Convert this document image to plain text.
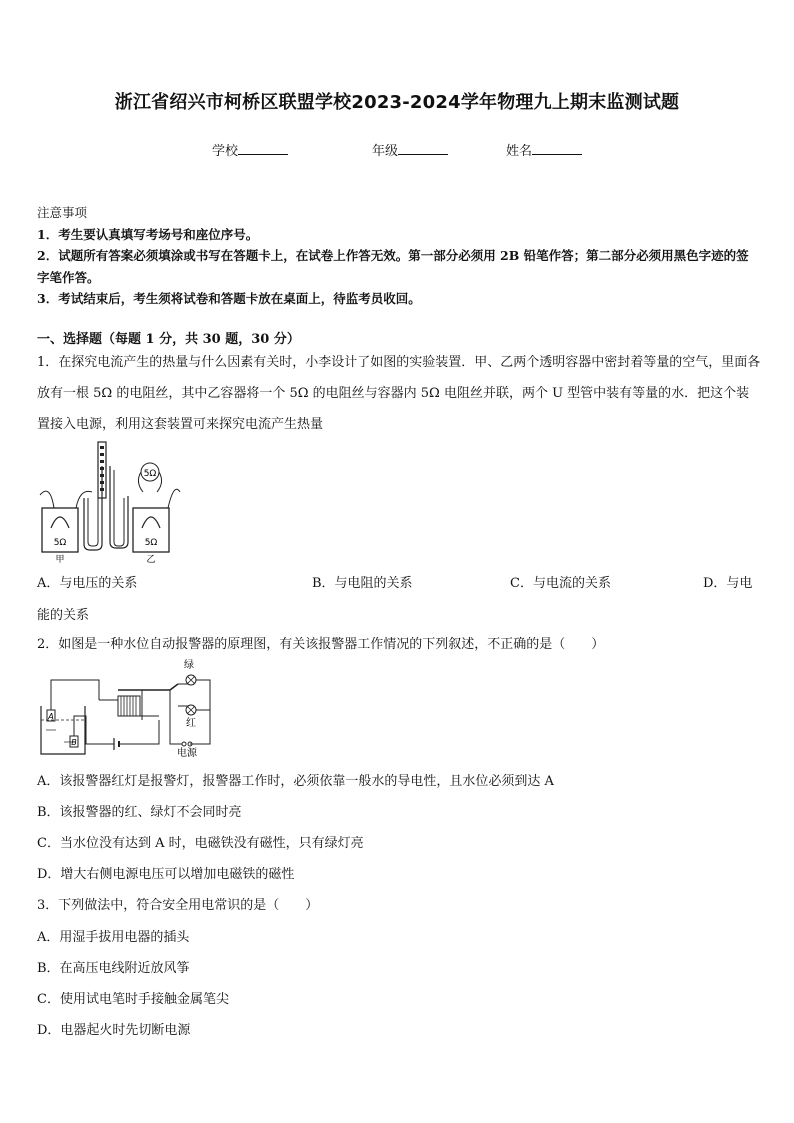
浙江省绍兴市柯桥区联盟学校2023-2024学年物理九上期末监测试题
学校	年级	姓名
注意事项
1．考生要认真填写考场号和座位序号。
2．试题所有答案必须填涂或书写在答题卡上，在试卷上作答无效。第一部分必须用 2B 铅笔作答；第二部分必须用黑色字迹的签字笔作答。
3．考试结束后，考生须将试卷和答题卡放在桌面上，待监考员收回。
一、选择题（每题 1 分，共 30 题，30 分）
1．在探究电流产生的热量与什么因素有关时，小李设计了如图的实验装置．甲、乙两个透明容器中密封着等量的空气，里面各放有一根 5Ω 的电阻丝，其中乙容器将一个 5Ω 的电阻丝与容器内 5Ω 电阻丝并联，两个 U 型管中装有等量的水．把这个装置接入电源，利用这套装置可来探究电流产生热量
5Ω
5Ω	5Ω
甲	乙
A．与电压的关系	B．与电阻的关系	C．与电流的关系	D．与电
能的关系
2．如图是一种水位自动报警器的原理图，有关该报警器工作情况的下列叙述，不正确的是（　　）
A
B
绿
红
电源
A．该报警器红灯是报警灯，报警器工作时，必须依靠一般水的导电性，且水位必须到达 A
B．该报警器的红、绿灯不会同时亮
C．当水位没有达到 A 时，电磁铁没有磁性，只有绿灯亮
D．增大右侧电源电压可以增加电磁铁的磁性
3．下列做法中，符合安全用电常识的是（　　）
A．用湿手拔用电器的插头
B．在高压电线附近放风筝
C．使用试电笔时手接触金属笔尖
D．电器起火时先切断电源
